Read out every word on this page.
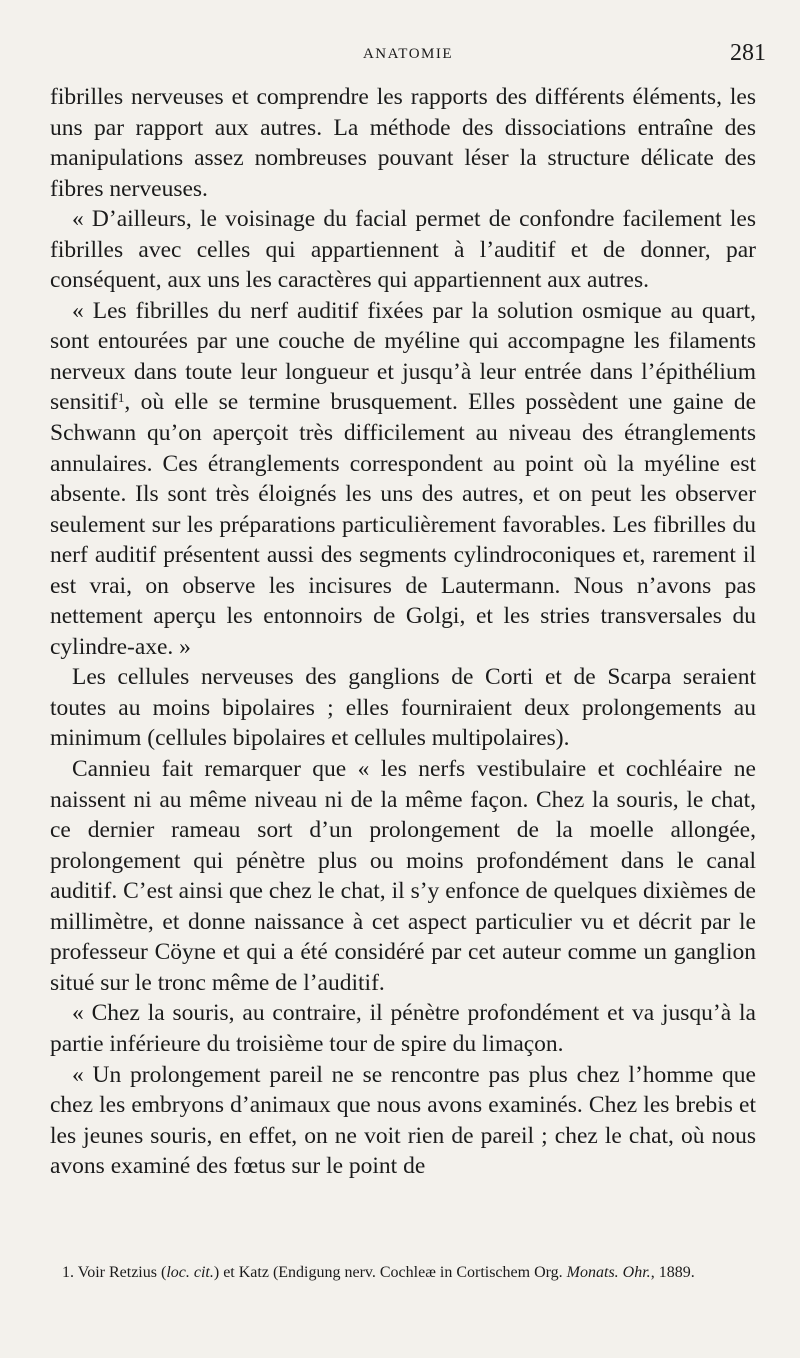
ANATOMIE	281

fibrilles nerveuses et comprendre les rapports des différents éléments, les uns par rapport aux autres. La méthode des dissociations entraîne des manipulations assez nombreuses pouvant léser la structure délicate des fibres nerveuses.

« D’ailleurs, le voisinage du facial permet de confondre facilement les fibrilles avec celles qui appartiennent à l’auditif et de donner, par conséquent, aux uns les caractères qui appartiennent aux autres.

« Les fibrilles du nerf auditif fixées par la solution osmique au quart, sont entourées par une couche de myéline qui accompagne les filaments nerveux dans toute leur longueur et jusqu’à leur entrée dans l’épithélium sensitif$^1$, où elle se termine brusquement. Elles possèdent une gaine de Schwann qu’on aperçoit très difficilement au niveau des étranglements annulaires. Ces étranglements correspondent au point où la myéline est absente. Ils sont très éloignés les uns des autres, et on peut les observer seulement sur les préparations particulièrement favorables. Les fibrilles du nerf auditif présentent aussi des segments cylindroconiques et, rarement il est vrai, on observe les incisures de Lautermann. Nous n’avons pas nettement aperçu les entonnoirs de Golgi, et les stries transversales du cylindre-axe. »

Les cellules nerveuses des ganglions de Corti et de Scarpa seraient toutes au moins bipolaires ; elles fourniraient deux prolongements au minimum (cellules bipolaires et cellules multipolaires).

Cannieu fait remarquer que « les nerfs vestibulaire et cochléaire ne naissent ni au même niveau ni de la même façon. Chez la souris, le chat, ce dernier rameau sort d’un prolongement de la moelle allongée, prolongement qui pénètre plus ou moins profondément dans le canal auditif. C’est ainsi que chez le chat, il s’y enfonce de quelques dixièmes de millimètre, et donne naissance à cet aspect particulier vu et décrit par le professeur Cöyne et qui a été considéré par cet auteur comme un ganglion situé sur le tronc même de l’auditif.

« Chez la souris, au contraire, il pénètre profondément et va jusqu’à la partie inférieure du troisième tour de spire du limaçon.

« Un prolongement pareil ne se rencontre pas plus chez l’homme que chez les embryons d’animaux que nous avons examinés. Chez les brebis et les jeunes souris, en effet, on ne voit rien de pareil ; chez le chat, où nous avons examiné des fœtus sur le point de

1. Voir Retzius (loc. cit.) et Katz (Endigung nerv. Cochleæ in Cortischem Org. Monats. Ohr., 1889.
